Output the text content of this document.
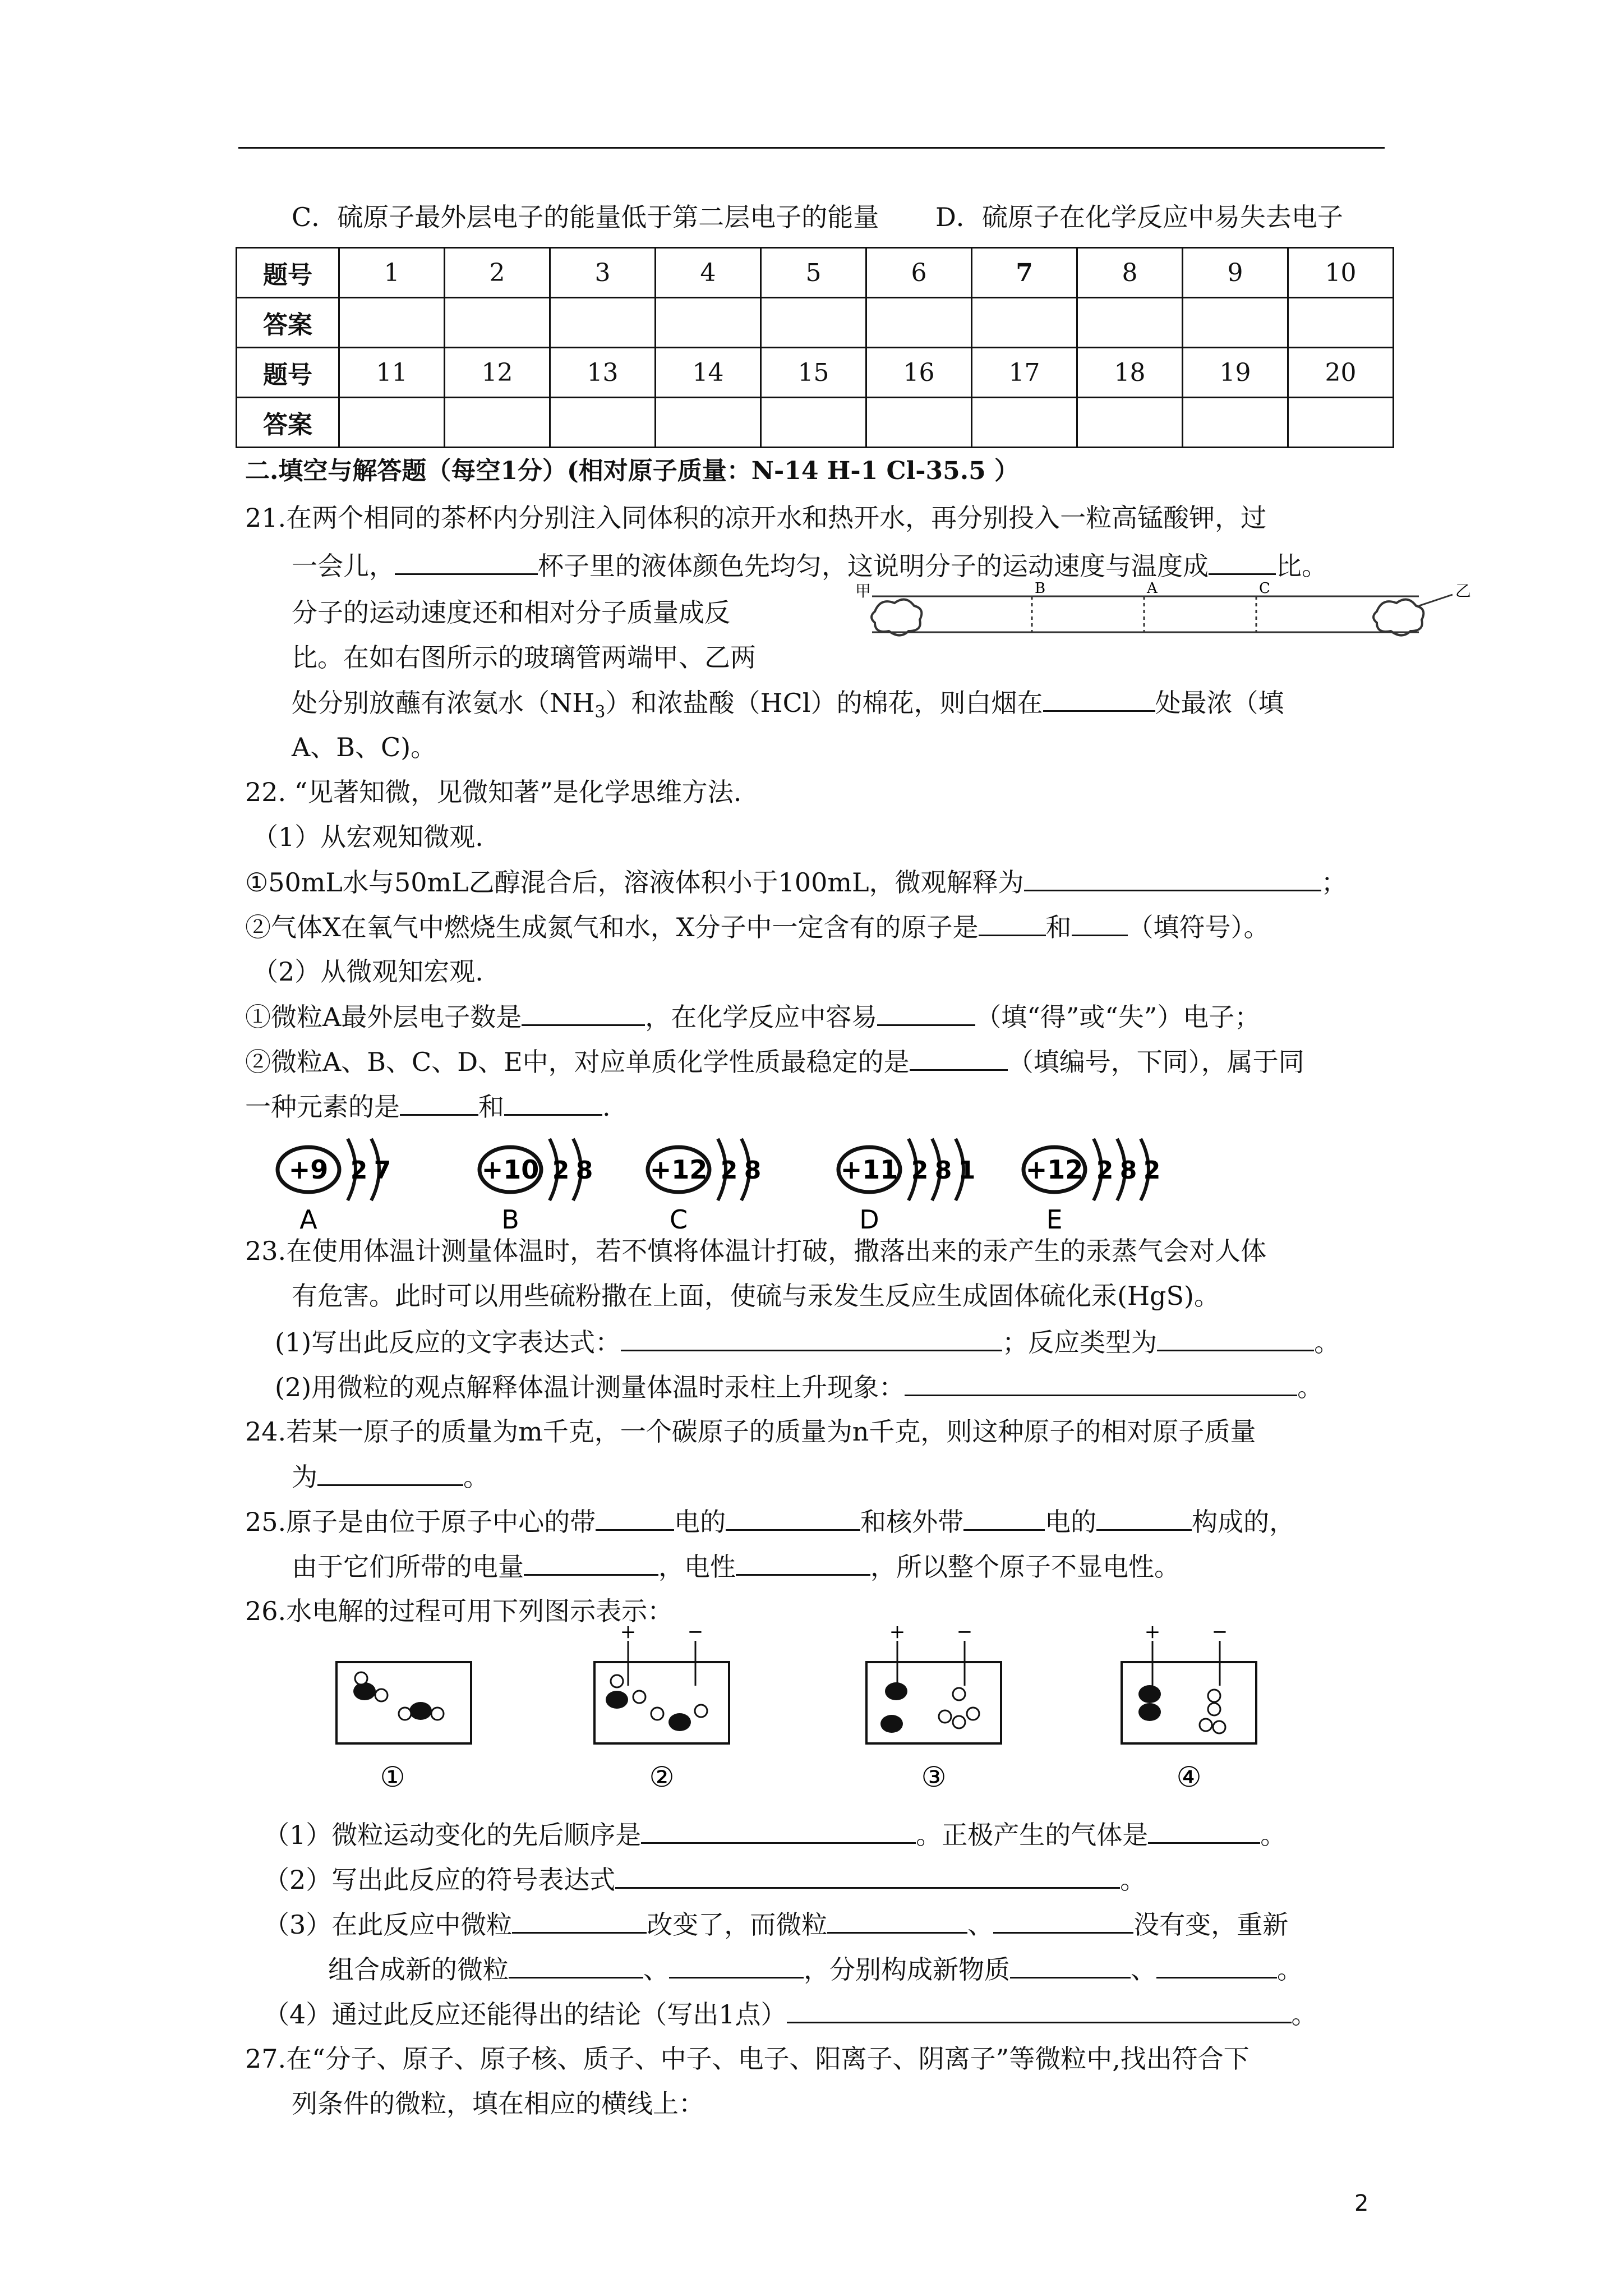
C．硫原子最外层电子的能量低于第二层电子的能量 D．硫原子在化学反应中易失去电子
题号	1	2	3	4	5	6	7	8	9	10
答案										
题号	11	12	13	14	15	16	17	18	19	20
答案										
二.填空与解答题（每空1分）(相对原子质量：N-14 H-1 Cl-35.5 ）
21.在两个相同的茶杯内分别注入同体积的凉开水和热开水，再分别投入一粒高锰酸钾，过
一会儿，	杯子里的液体颜色先均匀，这说明分子的运动速度与温度成	比。
分子的运动速度还和相对分子质量成反
比。在如右图所示的玻璃管两端甲、乙两
处分别放蘸有浓氨水$(NH_3)$和浓盐酸（HCl）的棉花，则白烟在	处最浓（填
A、B、C)。
甲	B	A	C	乙
22. “见著知微，见微知著”是化学思维方法.
（1）从宏观知微观.
①50mL水与50mL乙醇混合后，溶液体积小于100mL，微观解释为	；
②气体X在氧气中燃烧生成氮气和水，X分子中一定含有的原子是	和 （填符号）。
（2）从微观知宏观.
①微粒A最外层电子数是	，在化学反应中容易	（填“得”或“失”）电子；
②微粒A、B、C、D、E中，对应单质化学性质最稳定的是	（填编号，下同），属于同
一种元素的是	和	.
+9 2 7
A
+10 2 8
B
+12 2 8
C
+11 2 8 1
D
+12 2 8 2
E
23.在使用体温计测量体温时，若不慎将体温计打破，撒落出来的汞产生的汞蒸气会对人体
有危害。此时可以用些硫粉撒在上面，使硫与汞发生反应生成固体硫化汞(HgS)。
(1)写出此反应的文字表达式：	；反应类型为	。
(2)用微粒的观点解释体温计测量体温时汞柱上升现象：	。
24.若某一原子的质量为m千克，一个碳原子的质量为n千克，则这种原子的相对原子质量
为	。
25.原子是由位于原子中心的带	电的	和核外带	电的	构成的，
由于它们所带的电量	，电性	，所以整个原子不显电性。
26.水电解的过程可用下列图示表示：
①
+	−
②
+	−
③
+	−
④
（1）微粒运动变化的先后顺序是	。正极产生的气体是	。
（2）写出此反应的符号表达式	。
（3）在此反应中微粒	改变了，而微粒	、	没有变，重新
组合成新的微粒	、	，分别构成新物质	、	。
（4）通过此反应还能得出的结论（写出1点）	。
27.在“分子、原子、原子核、质子、中子、电子、阳离子、阴离子”等微粒中,找出符合下
列条件的微粒，填在相应的横线上：
2
